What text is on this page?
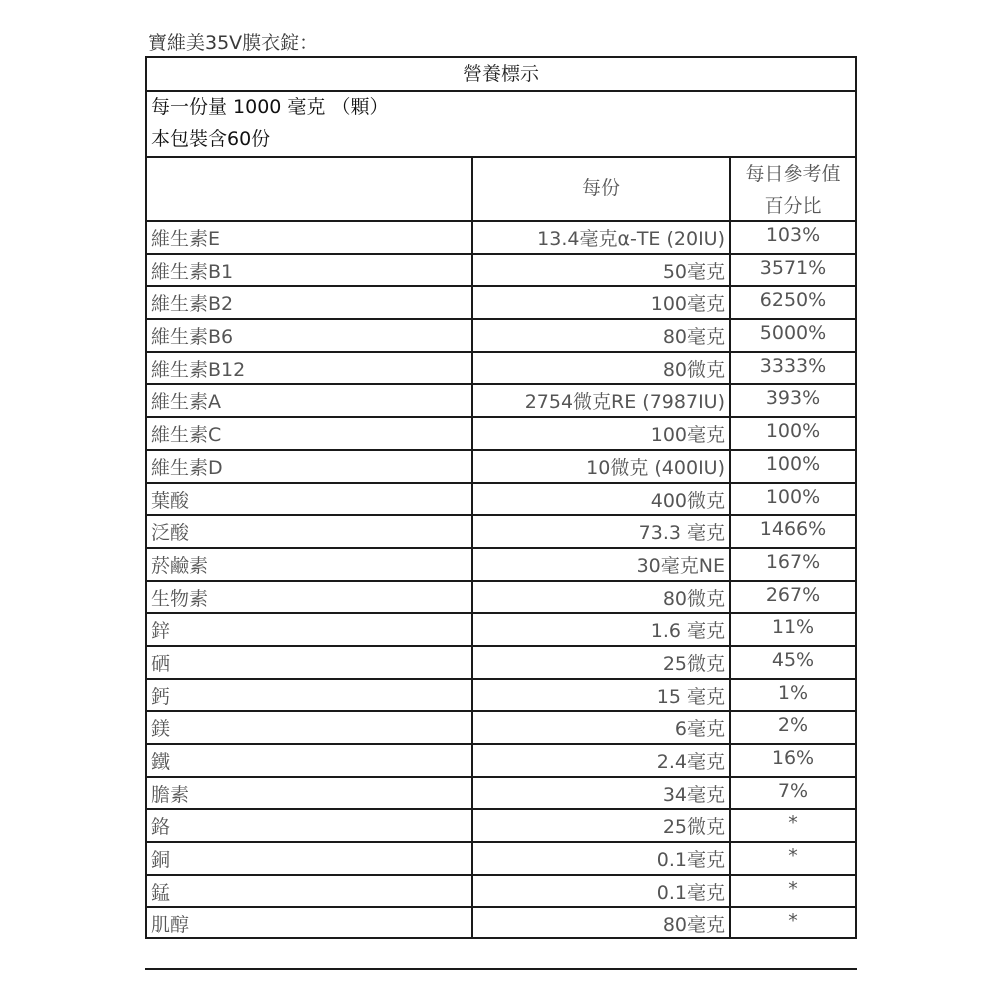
寶維美35V膜衣錠：
營養標示
每一份量 1000 毫克 （顆）
本包裝含60份
每份
每日參考值
百分比
維生素E	13.4毫克α-TE (20IU)	103%
維生素B1	50毫克	3571%
維生素B2	100毫克	6250%
維生素B6	80毫克	5000%
維生素B12	80微克	3333%
維生素A	2754微克RE (7987IU)	393%
維生素C	100毫克	100%
維生素D	10微克 (400IU)	100%
葉酸	400微克	100%
泛酸	73.3 毫克	1466%
菸鹼素	30毫克NE	167%
生物素	80微克	267%
鋅	1.6 毫克	11%
硒	25微克	45%
鈣	15 毫克	1%
鎂	6毫克	2%
鐵	2.4毫克	16%
膽素	34毫克	7%
鉻	25微克	*
銅	0.1毫克	*
錳	0.1毫克	*
肌醇	80毫克	*
